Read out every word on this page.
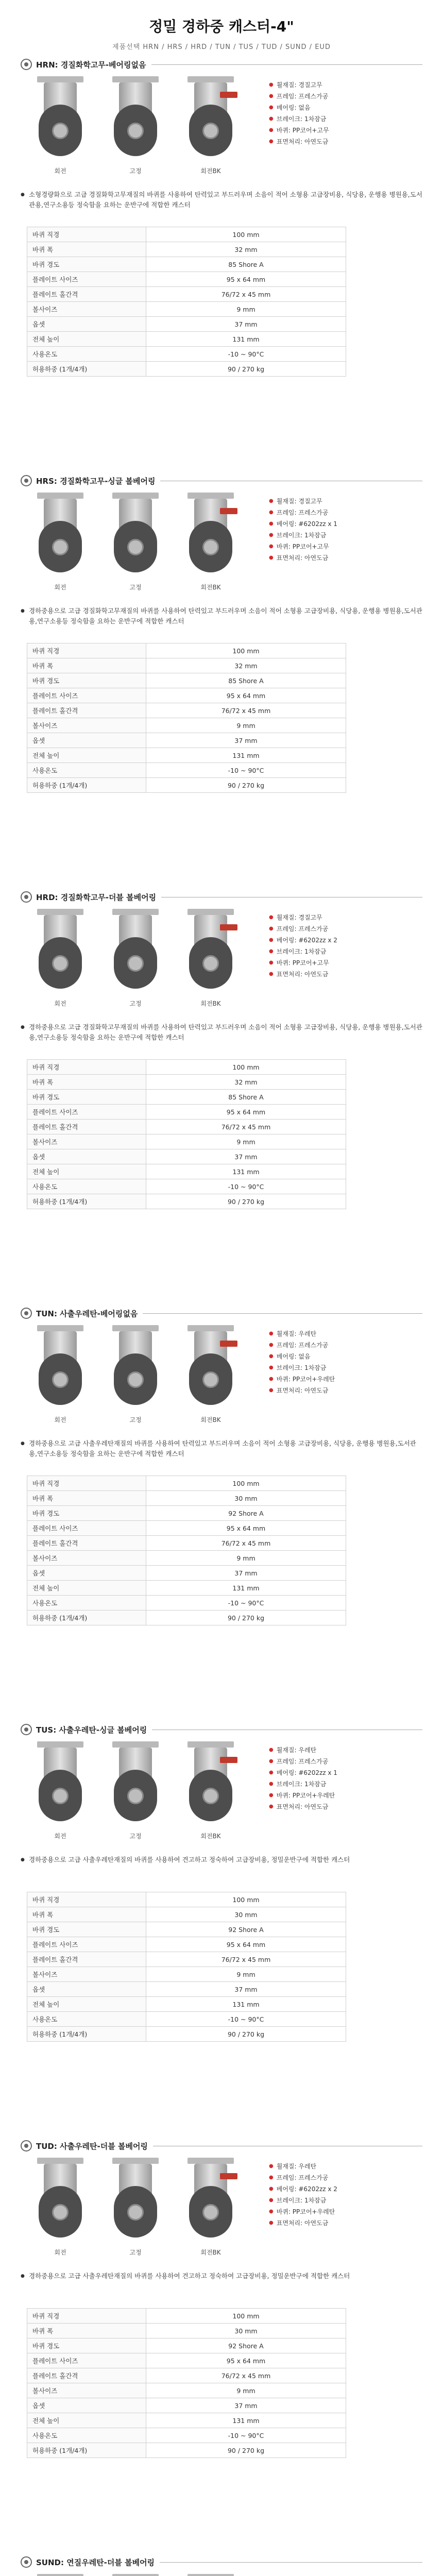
정밀 경하중 캐스터-4"
제품선택 HRN / HRS / HRD / TUN / TUS / TUD / SUND / EUD
HRN: 경질화학고무-베어링없음
회전	고정	회전BK
● 휠재질: 경질고무
● 프레임: 프레스가공
● 베어링: 없음
● 브레이크: 1차잠금
● 바퀴: PP코어+고무
● 표면처리: 아연도금

● 소형경량화으로 고급 경질화학고무재질의 바퀴를 사용하여 탄력있고 부드러우며 소음이 적어 소형용 고급장비용, 식당용, 운행용 병원용,도서관용,연구소용등 정숙함을 요하는 운반구에 적합한 캐스터

바퀴 직경	100 mm
바퀴 폭	32 mm
바퀴 경도	85 Shore A
플레이트 사이즈	95 x 64 mm
플레이트 홀간격	76/72 x 45 mm
볼사이즈	9 mm
옵셋	37 mm
전체 높이	131 mm
사용온도	-10 ~ 90°C
허용하중 (1개/4개)	90 / 270 kg
HRS: 경질화학고무-싱글 볼베어링
회전	고정	회전BK
● 휠재질: 경질고무
● 프레임: 프레스가공
● 베어링: #6202zz x 1
● 브레이크: 1차잠금
● 바퀴: PP코어+고무
● 표면처리: 아연도금

● 경하중용으로 고급 경질화학고무재질의 바퀴를 사용하여 탄력있고 부드러우며 소음이 적어 소형용 고급장비용, 식당용, 운행용 병원용,도서관용,연구소용등 정숙함을 요하는 운반구에 적합한 캐스터

바퀴 직경	100 mm
바퀴 폭	32 mm
바퀴 경도	85 Shore A
플레이트 사이즈	95 x 64 mm
플레이트 홀간격	76/72 x 45 mm
볼사이즈	9 mm
옵셋	37 mm
전체 높이	131 mm
사용온도	-10 ~ 90°C
허용하중 (1개/4개)	90 / 270 kg
HRD: 경질화학고무-더블 볼베어링
회전	고정	회전BK
● 휠재질: 경질고무
● 프레임: 프레스가공
● 베어링: #6202zz x 2
● 브레이크: 1차잠금
● 바퀴: PP코어+고무
● 표면처리: 아연도금

● 경하중용으로 고급 경질화학고무재질의 바퀴를 사용하여 탄력있고 부드러우며 소음이 적어 소형용 고급장비용, 식당용, 운행용 병원용,도서관용,연구소용등 정숙함을 요하는 운반구에 적합한 캐스터

바퀴 직경	100 mm
바퀴 폭	32 mm
바퀴 경도	85 Shore A
플레이트 사이즈	95 x 64 mm
플레이트 홀간격	76/72 x 45 mm
볼사이즈	9 mm
옵셋	37 mm
전체 높이	131 mm
사용온도	-10 ~ 90°C
허용하중 (1개/4개)	90 / 270 kg
TUN: 사출우레탄-베어링없음
회전	고정	회전BK
● 휠재질: 우레탄
● 프레임: 프레스가공
● 베어링: 없음
● 브레이크: 1차잠금
● 바퀴: PP코어+우레탄
● 표면처리: 아연도금

● 경하중용으로 고급 사출우레탄재질의 바퀴를 사용하여 탄력있고 부드러우며 소음이 적어 소형용 고급장비용, 식당용, 운행용 병원용,도서관용,연구소용등 정숙함을 요하는 운반구에 적합한 캐스터

바퀴 직경	100 mm
바퀴 폭	30 mm
바퀴 경도	92 Shore A
플레이트 사이즈	95 x 64 mm
플레이트 홀간격	76/72 x 45 mm
볼사이즈	9 mm
옵셋	37 mm
전체 높이	131 mm
사용온도	-10 ~ 90°C
허용하중 (1개/4개)	90 / 270 kg
TUS: 사출우레탄-싱글 볼베어링
회전	고정	회전BK
● 휠재질: 우레탄
● 프레임: 프레스가공
● 베어링: #6202zz x 1
● 브레이크: 1차잠금
● 바퀴: PP코어+우레탄
● 표면처리: 아연도금

● 경하중용으로 고급 사출우레탄재질의 바퀴를 사용하여 견고하고 정숙하여 고급장비용, 정밀운반구에 적합한 캐스터

바퀴 직경	100 mm
바퀴 폭	30 mm
바퀴 경도	92 Shore A
플레이트 사이즈	95 x 64 mm
플레이트 홀간격	76/72 x 45 mm
볼사이즈	9 mm
옵셋	37 mm
전체 높이	131 mm
사용온도	-10 ~ 90°C
허용하중 (1개/4개)	90 / 270 kg
TUD: 사출우레탄-더블 볼베어링
회전	고정	회전BK
● 휠재질: 우레탄
● 프레임: 프레스가공
● 베어링: #6202zz x 2
● 브레이크: 1차잠금
● 바퀴: PP코어+우레탄
● 표면처리: 아연도금

● 경하중용으로 고급 사출우레탄재질의 바퀴를 사용하여 견고하고 정숙하여 고급장비용, 정밀운반구에 적합한 캐스터

바퀴 직경	100 mm
바퀴 폭	30 mm
바퀴 경도	92 Shore A
플레이트 사이즈	95 x 64 mm
플레이트 홀간격	76/72 x 45 mm
볼사이즈	9 mm
옵셋	37 mm
전체 높이	131 mm
사용온도	-10 ~ 90°C
허용하중 (1개/4개)	90 / 270 kg
SUND: 연질우레탄-더블 볼베어링
